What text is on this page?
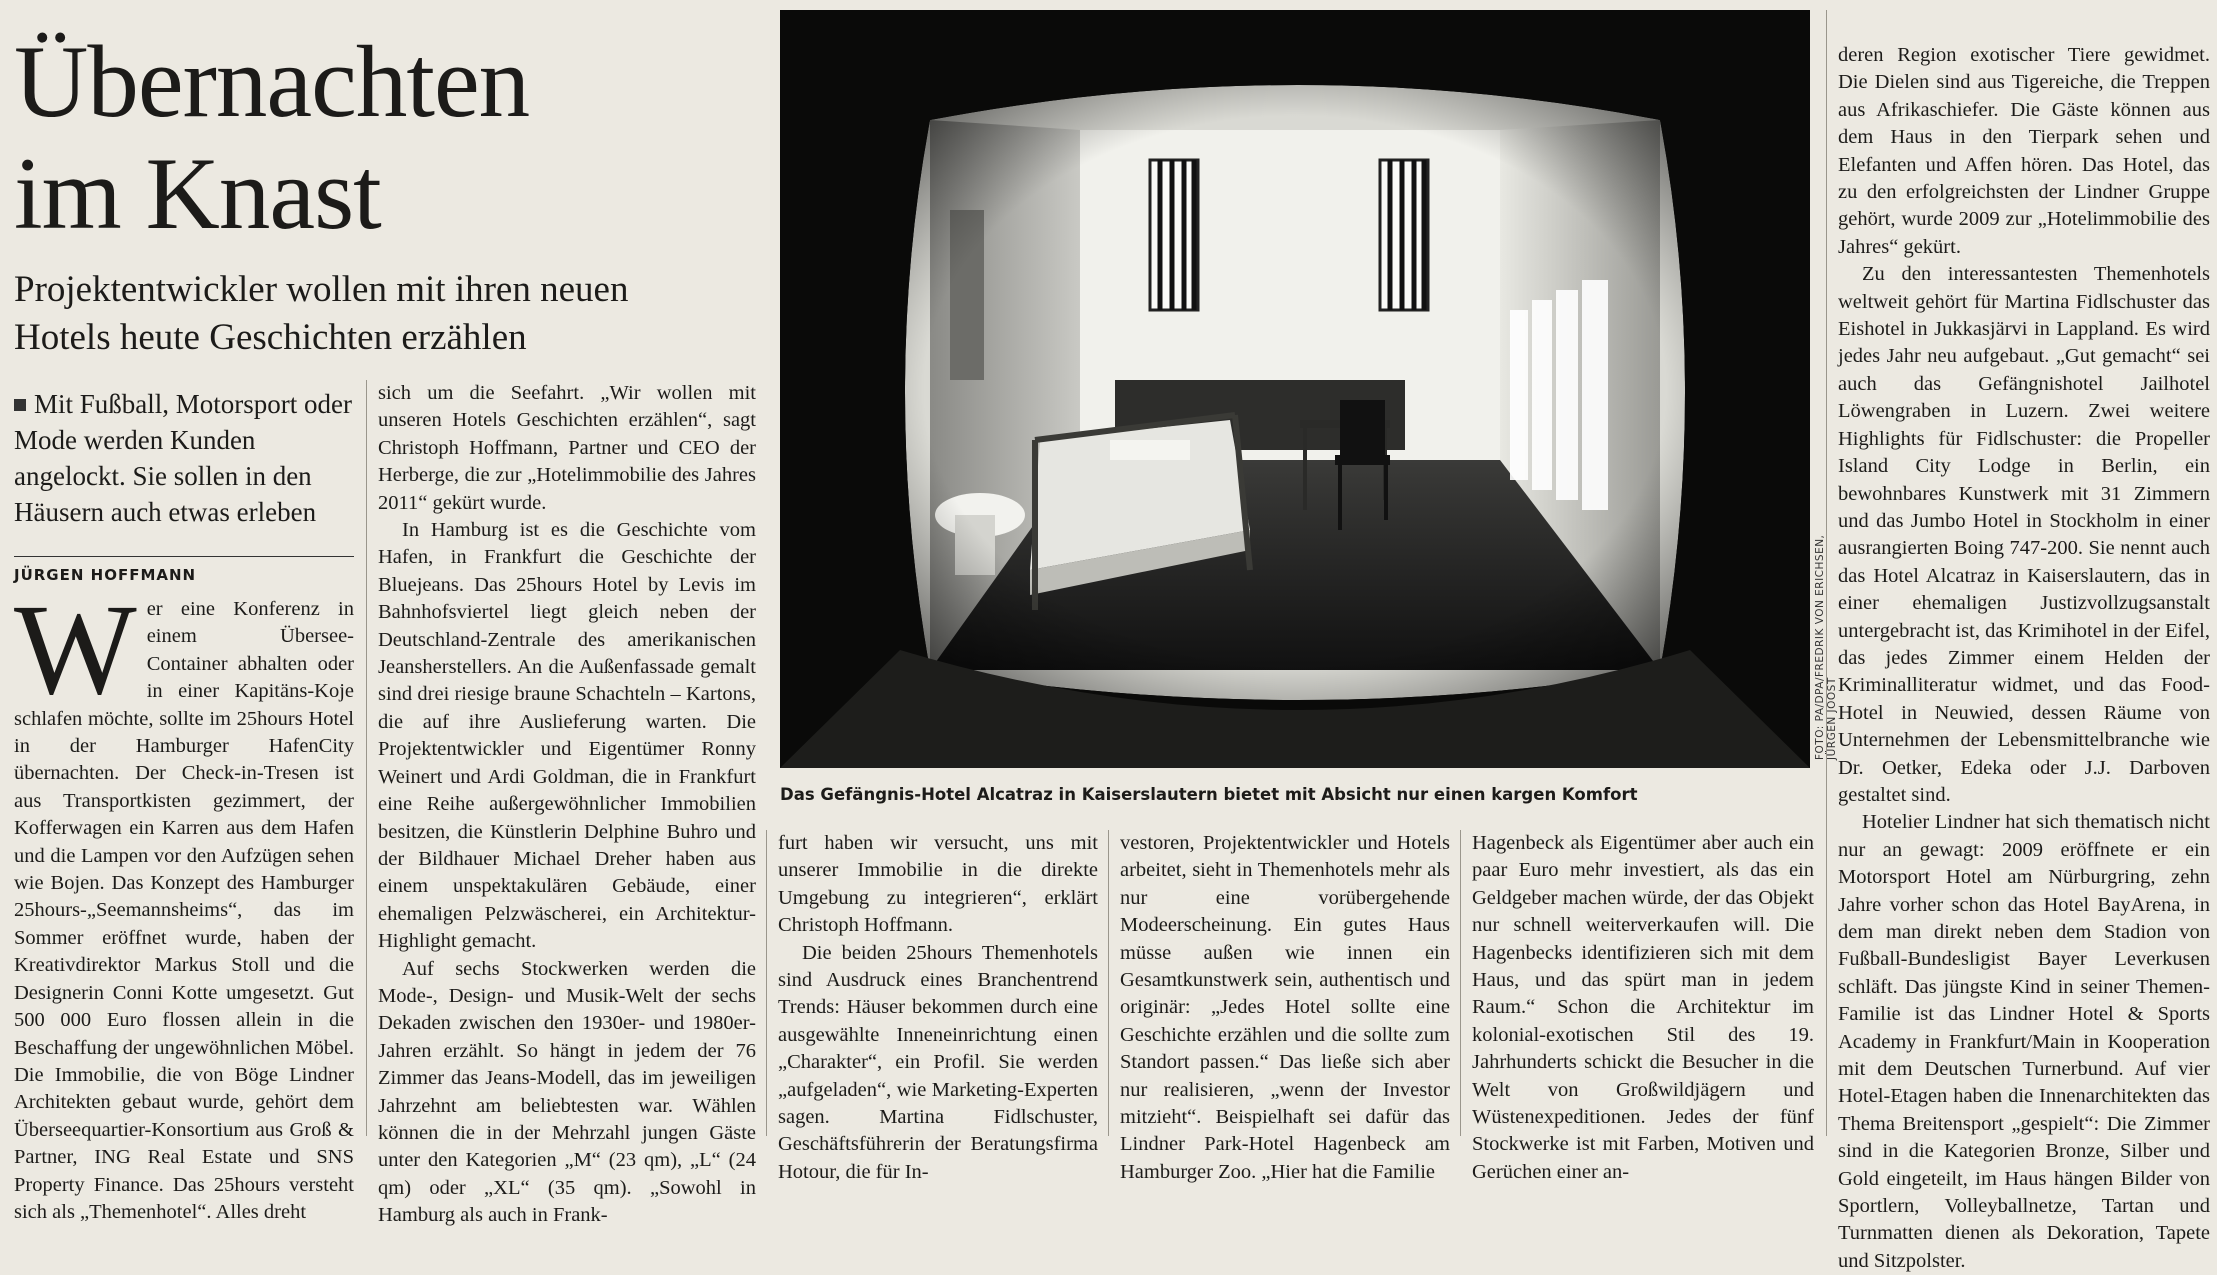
Übernachten
im Knast
Projektentwickler wollen mit ihren neuen
Hotels heute Geschichten erzählen
Mit Fußball, Motorsport oder Mode werden Kunden angelockt. Sie sollen in den Häusern auch etwas erleben
JÜRGEN HOFFMANN
W er eine Konferenz in einem Übersee-Container abhalten oder in einer Kapitäns-Koje schlafen möchte, sollte im 25hours Hotel in der Hamburger HafenCity übernachten. Der Check-in-Tresen ist aus Transportkisten gezimmert, der Kofferwagen ein Karren aus dem Hafen und die Lampen vor den Aufzügen sehen wie Bojen. Das Konzept des Hamburger 25hours-„Seemannsheims“, das im Sommer eröffnet wurde, haben der Kreativdirektor Markus Stoll und die Designerin Conni Kotte umgesetzt. Gut 500 000 Euro flossen allein in die Beschaffung der ungewöhnlichen Möbel. Die Immobilie, die von Böge Lindner Architekten gebaut wurde, gehört dem Überseequartier-Konsortium aus Groß & Partner, ING Real Estate und SNS Property Finance. Das 25hours versteht sich als „Themenhotel“. Alles dreht

sich um die Seefahrt. „Wir wollen mit unseren Hotels Geschichten erzählen“, sagt Christoph Hoffmann, Partner und CEO der Herberge, die zur „Hotelimmobilie des Jahres 2011“ gekürt wurde.

In Hamburg ist es die Geschichte vom Hafen, in Frankfurt die Geschichte der Bluejeans. Das 25hours Hotel by Levis im Bahnhofsviertel liegt gleich neben der Deutschland-Zentrale des amerikanischen Jeansherstellers. An die Außenfassade gemalt sind drei riesige braune Schachteln – Kartons, die auf ihre Auslieferung warten. Die Projektentwickler und Eigentümer Ronny Weinert und Ardi Goldman, die in Frankfurt eine Reihe außergewöhnlicher Immobilien besitzen, die Künstlerin Delphine Buhro und der Bildhauer Michael Dreher haben aus einem unspektakulären Gebäude, einer ehemaligen Pelzwäscherei, ein Architektur-Highlight gemacht.

Auf sechs Stockwerken werden die Mode-, Design- und Musik-Welt der sechs Dekaden zwischen den 1930er- und 1980er-Jahren erzählt. So hängt in jedem der 76 Zimmer das Jeans-Modell, das im jeweiligen Jahrzehnt am beliebtesten war. Wählen können die in der Mehrzahl jungen Gäste unter den Kategorien „M“ (23 qm), „L“ (24 qm) oder „XL“ (35 qm). „Sowohl in Hamburg als auch in Frank-

FOTO: PA/DPA/FREDRIK VON ERICHSEN, JÜRGEN JOOST
Das Gefängnis-Hotel Alcatraz in Kaiserslautern bietet mit Absicht nur einen kargen Komfort

furt haben wir versucht, uns mit unserer Immobilie in die direkte Umgebung zu integrieren“, erklärt Christoph Hoffmann.

Die beiden 25hours Themenhotels sind Ausdruck eines Branchentrend Trends: Häuser bekommen durch eine ausgewählte Inneneinrichtung einen „Charakter“, ein Profil. Sie werden „aufgeladen“, wie Marketing-Experten sagen. Martina Fidlschuster, Geschäftsführerin der Beratungsfirma Hotour, die für In-

vestoren, Projektentwickler und Hotels arbeitet, sieht in Themenhotels mehr als nur eine vorübergehende Modeerscheinung. Ein gutes Haus müsse außen wie innen ein Gesamtkunstwerk sein, authentisch und originär: „Jedes Hotel sollte eine Geschichte erzählen und die sollte zum Standort passen.“ Das ließe sich aber nur realisieren, „wenn der Investor mitzieht“. Beispielhaft sei dafür das Lindner Park-Hotel Hagenbeck am Hamburger Zoo. „Hier hat die Familie

Hagenbeck als Eigentümer aber auch ein paar Euro mehr investiert, als das ein Geldgeber machen würde, der das Objekt nur schnell weiterverkaufen will. Die Hagenbecks identifizieren sich mit dem Haus, und das spürt man in jedem Raum.“ Schon die Architektur im kolonial-exotischen Stil des 19. Jahrhunderts schickt die Besucher in die Welt von Großwildjägern und Wüstenexpeditionen. Jedes der fünf Stockwerke ist mit Farben, Motiven und Gerüchen einer an-

deren Region exotischer Tiere gewidmet. Die Dielen sind aus Tigereiche, die Treppen aus Afrikaschiefer. Die Gäste können aus dem Haus in den Tierpark sehen und Elefanten und Affen hören. Das Hotel, das zu den erfolgreichsten der Lindner Gruppe gehört, wurde 2009 zur „Hotelimmobilie des Jahres“ gekürt.

Zu den interessantesten Themenhotels weltweit gehört für Martina Fidlschuster das Eishotel in Jukkasjärvi in Lappland. Es wird jedes Jahr neu aufgebaut. „Gut gemacht“ sei auch das Gefängnishotel Jailhotel Löwengraben in Luzern. Zwei weitere Highlights für Fidlschuster: die Propeller Island City Lodge in Berlin, ein bewohnbares Kunstwerk mit 31 Zimmern und das Jumbo Hotel in Stockholm in einer ausrangierten Boing 747-200. Sie nennt auch das Hotel Alcatraz in Kaiserslautern, das in einer ehemaligen Justizvollzugsanstalt untergebracht ist, das Krimihotel in der Eifel, das jedes Zimmer einem Helden der Kriminalliteratur widmet, und das Food-Hotel in Neuwied, dessen Räume von Unternehmen der Lebensmittelbranche wie Dr. Oetker, Edeka oder J.J. Darboven gestaltet sind.

Hotelier Lindner hat sich thematisch nicht nur an gewagt: 2009 eröffnete er ein Motorsport Hotel am Nürburgring, zehn Jahre vorher schon das Hotel BayArena, in dem man direkt neben dem Stadion von Fußball-Bundesligist Bayer Leverkusen schläft. Das jüngste Kind in seiner Themen-Familie ist das Lindner Hotel & Sports Academy in Frankfurt/Main in Kooperation mit dem Deutschen Turnerbund. Auf vier Hotel-Etagen haben die Innenarchitekten das Thema Breitensport „gespielt“: Die Zimmer sind in die Kategorien Bronze, Silber und Gold eingeteilt, im Haus hängen Bilder von Sportlern, Volleyballnetze, Tartan und Turnmatten dienen als Dekoration, Tapete und Sitzpolster.
